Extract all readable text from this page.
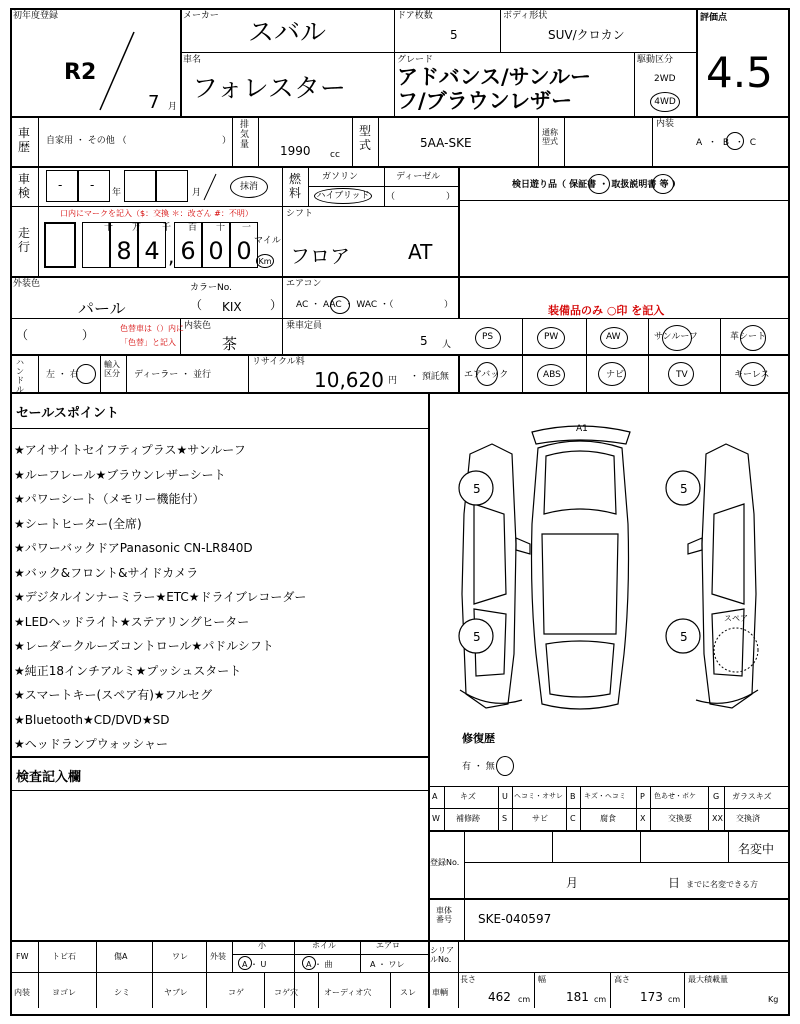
初年度登録
R2
7 月
メーカー
スバル
ドア枚数
5
ボディ形状
SUV/クロカン
評価点
4.5
車名
フォレスター
グレード
アドバンス/サンルー
フ/ブラウンレザー
駆動区分
2WD
4WD
車歴 自家用 ・ その他 （	）
排気量	1990 cc
型式	5AA-SKE
通称型式
内装
A ・ B ・ C
車検
- -
年	月
抹消
燃料
ガソリン	ディーゼル
ハイブリッド （	）
検日遊り品（ 保証書 ・ 取扱説明書 等 ）
走行
口内にマークを記入（$：交換 ＊：改ざん #：不明）
十 万 千 百 十 一
8 4 , 6 0 0 マイル
Km
シフト
フロア	AT
外装色
パール
カラーNo.
（ KIX ）
エアコン
AC ・ AAC ・ WAC ・（	）	装備品のみ ○印 を記入
（	）	色替車は（）内に
「色替」と記入
内装色
茶
乗車定員
5 人
PS	PW	AW	サンルーフ	革シート
ハンドル
左 ・ 右
輸入区分 ディーラー ・ 並行
リサイクル料
10,620 円 ・ 預託無 エアバック	ABS	ナビ	TV	キーレス
セールスポイント
★アイサイトセイフティプラス★サンルーフ
★ルーフレール★ブラウンレザーシート
★パワーシート（メモリー機能付）
★シートヒーター(全席)
★パワーバックドアPanasonic CN-LR840D
★バック&フロント&サイドカメラ
★デジタルインナーミラー★ETC★ドライブレコーダー
★LEDヘッドライト★ステアリングヒーター
★レーダークルーズコントロール★パドルシフト
★純正18インチアルミ★プッシュスタート
★スマートキー(スペア有)★フルセグ
★Bluetooth★CD/DVD★SD
★ヘッドランプウォッシャー
検査記入欄
A1
5	5
5	5
スペア
修復歴
有 ・ 無
A	キズ	U ヘコミ・オサレ B キズ・ヘコミ P 色あせ・ボケ G ガラスキズ
W 補修跡	S	サビ	C	腐食	X	交換要	XX 交換済
登録No.
名変中
月	日 までに名変できる方
車体番号	SKE-040597
FW	トビ石	傷A	ワレ	外装
小	ホイル	エアロ
A ・ U	A ・ 曲	A ・ ワレ
シリアルNo.
内装	ヨゴレ	シミ	ヤブレ	コゲ	コゲ穴	オーディオ穴	スレ 車輌
長さ
462 cm
幅
181 cm
高さ
173 cm
最大積載量
Kg
